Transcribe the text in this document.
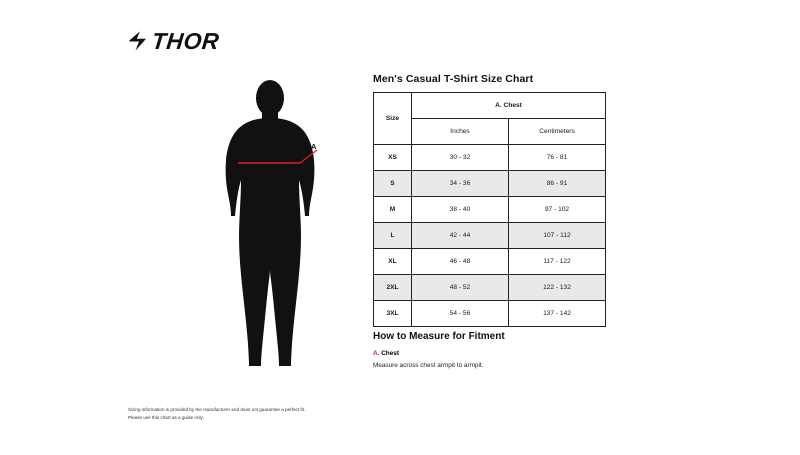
THOR
A
Men's Casual T-Shirt Size Chart
Size	A. Chest	
	Inches	Centimeters
XS	30 - 32	76 - 81
S	34 - 36	86 - 91
M	38 - 40	97 - 102
L	42 - 44	107 - 112
XL	46 - 48	117 - 122
2XL	48 - 52	122 - 132
3XL	54 - 56	137 - 142
How to Measure for Fitment
A. Chest
Measure across chest armpit to armpit.
Sizing information is provided by the manufacturer and does not guarantee a perfect fit.
Please use this chart as a guide only.
